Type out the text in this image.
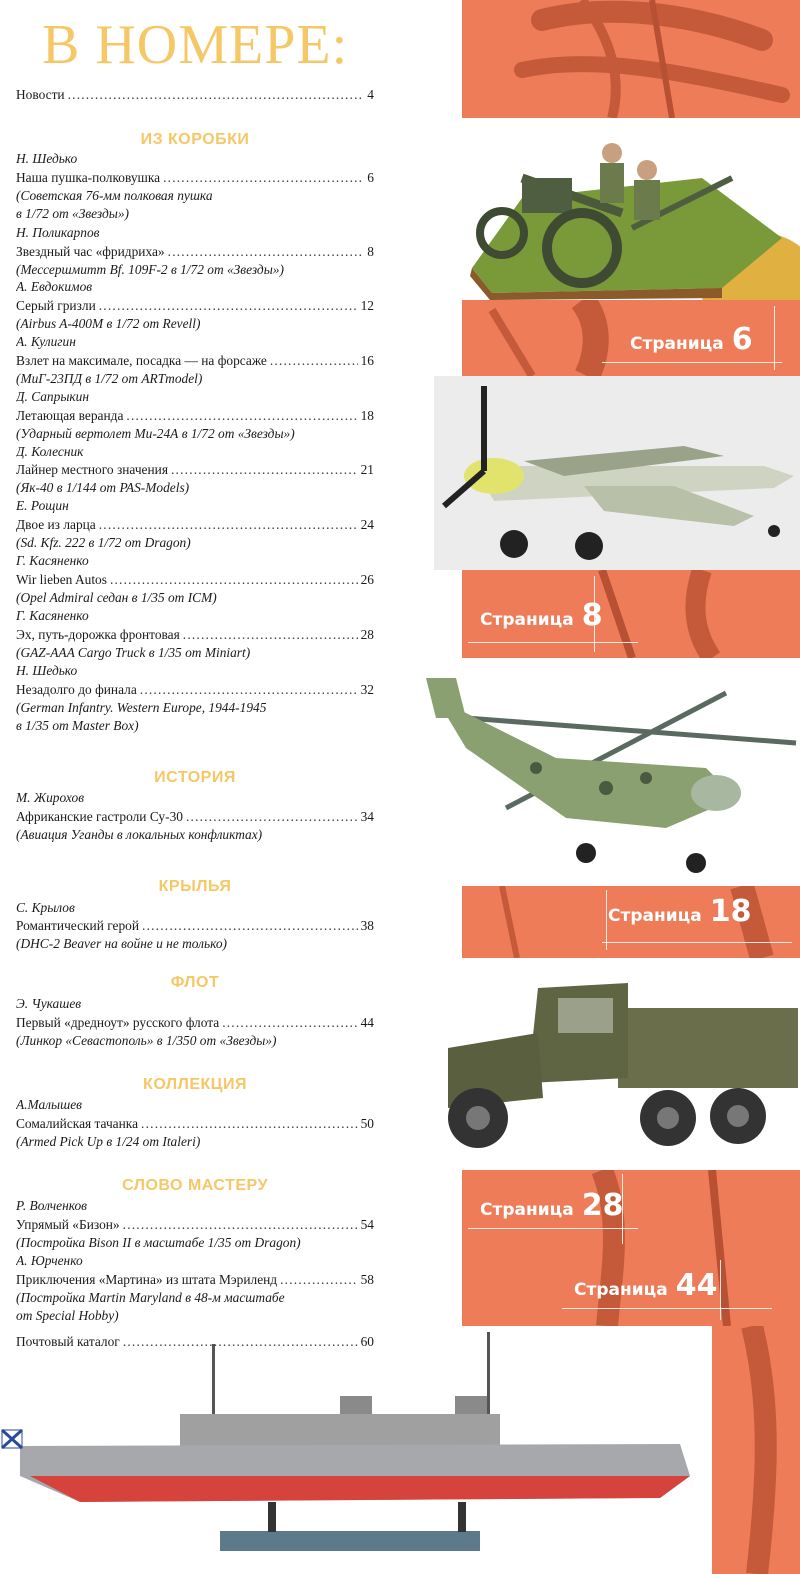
Страница 6
Страница 8
Страница 18
Страница 28
Страница 44
В НОМЕРЕ:
Новости .....	4
ИЗ КОРОБКИ
Н. Шедько
Наша пушка-полковушка .....	6
(Советская 76-мм полковая пушка
в 1/72 от «Звезды»)
Н. Поликарпов
Звездный час «фридриха» .....	8
(Мессершмитт Bf. 109F-2 в 1/72 от «Звезды»)
А. Евдокимов
Серый гризли .....	12
(Airbus A-400M в 1/72 от Revell)
А. Кулигин
Взлет на максимале, посадка — на форсаже .....	16
(МиГ-23ПД в 1/72 от ARTmodel)
Д. Сапрыкин
Летающая веранда .....	18
(Ударный вертолет Ми-24А в 1/72 от «Звезды»)
Д. Колесник
Лайнер местного значения .....	21
(Як-40 в 1/144 от PAS-Models)
Е. Рощин
Двое из ларца .....	24
(Sd. Kfz. 222 в 1/72 от Dragon)
Г. Касяненко
Wir lieben Autos .....	26
(Opel Admiral седан в 1/35 от ICM)
Г. Касяненко
Эх, путь-дорожка фронтовая .....	28
(GAZ-AAA Cargo Truck в 1/35 от Miniart)
Н. Шедько
Незадолго до финала .....	32
(German Infantry. Western Europe, 1944-1945
в 1/35 от Master Box)
ИСТОРИЯ
М. Жирохов
Африканские гастроли Су-30 .....	34
(Авиация Уганды в локальных конфликтах)
КРЫЛЬЯ
С. Крылов
Романтический герой .....	38
(DHC-2 Beaver на войне и не только)
ФЛОТ
Э. Чукашев
Первый «дредноут» русского флота .....	44
(Линкор «Севастополь» в 1/350 от «Звезды»)
КОЛЛЕКЦИЯ
А.Малышев
Сомалийская тачанка .....	50
(Armed Pick Up в 1/24 от Italeri)
СЛОВО МАСТЕРУ
Р. Волченков
Упрямый «Бизон» .....	54
(Постройка Bison II в масштабе 1/35 от Dragon)
А. Юрченко
Приключения «Мартина» из штата Мэриленд .....	58
(Постройка Martin Maryland в 48-м масштабе
от Special Hobby)
Почтовый каталог .....	60
